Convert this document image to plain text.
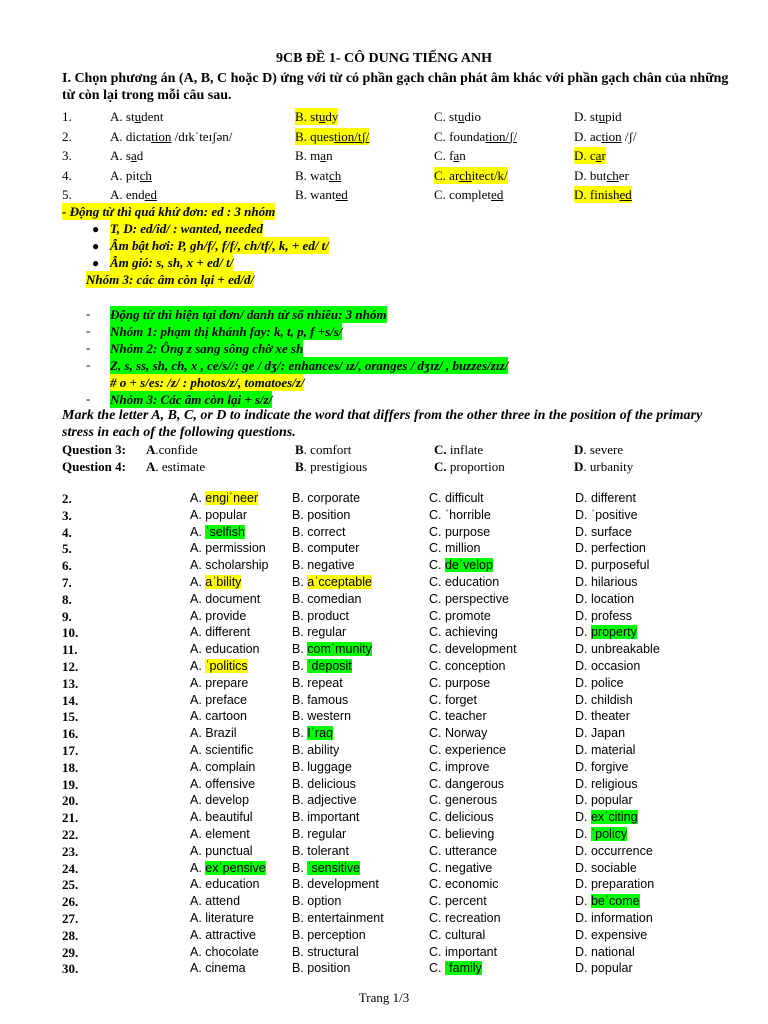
9CB ĐỀ 1- CÔ DUNG TIẾNG ANH
I. Chọn phương án (A, B, C hoặc D) ứng với từ có phần gạch chân phát âm khác với phần gạch chân của những từ còn lại trong mỗi câu sau.
1.	A. student	B. study	C. studio	D. stupid
2.	A. dictation /dɪkˈteɪʃən/	B. question/tʃ/	C. foundation/ʃ/	D. action /ʃ/
3.	A. sad	B. man	C. fan	D. car
4.	A. pitch	B. watch	C. architect/k/	D. butcher
5.	A. ended	B. wanted	C. completed	D. finished
- Động từ thì quá khứ đơn: ed : 3 nhóm
● T, D: ed/id/ : wanted, needed
● Âm bật hơi: P, gh/f/, f/f/, ch/tf/, k, + ed/ t/
● Âm gió: s, sh, x + ed/ t/
Nhóm 3: các âm còn lại + ed/d/
- Động từ thì hiện tại đơn/ danh từ số nhiều: 3 nhóm
- Nhóm 1: phạm thị khánh fay: k, t, p, f +s/s/
- Nhóm 2: Ông z sang sông chờ xe sh
- Z, s, ss, sh, ch, x , ce/s//: ge / dʒ/: enhances/ ɪz/, oranges / dʒɪz/ , buzzes/zɪz/
# o + s/es: /z/ : photos/z/, tomatoes/z/
- Nhóm 3: Các âm còn lại + s/z/
Mark the letter A, B, C, or D to indicate the word that differs from the other three in the position of the primary stress in each of the following questions.
Question 3: A.confide	B. comfort	C. inflate	D. severe
Question 4: A. estimate	B. prestigious	C. proportion	D. urbanity
2.	A. engiˈneer	B. corporate	C. difficult	D. different
3.	A. popular	B. position	C. ˈhorrible	D. ˈpositive
4.	A. ˈselfish	B. correct	C. purpose	D. surface
5.	A. permission B. computer	C. million	D. perfection
6.	A. scholarship B. negative	C. deˈvelop	D. purposeful
7.	A. aˈbility	B. aˈcceptable	C. education	D. hilarious
8.	A. document	B. comedian	C. perspective	D. location
9.	A. provide	B. product	C. promote	D. profess
10.	A. different	B. regular	C. achieving	D. property
11.	A. education	B. comˈmunity	C. development	D. unbreakable
12.	A. ˈpolitics	B. ˈdeposit	C. conception	D. occasion
13.	A. prepare	B. repeat	C. purpose	D. police
14.	A. preface	B. famous	C. forget	D. childish
15.	A. cartoon	B. western	C. teacher	D. theater
16.	A. Brazil	B. Iˈraq	C. Norway	D. Japan
17.	A. scientific	B. ability	C. experience	D. material
18.	A. complain	B. luggage	C. improve	D. forgive
19.	A. offensive	B. delicious	C. dangerous	D. religious
20.	A. develop	B. adjective	C. generous	D. popular
21.	A. beautiful	B. important	C. delicious	D. exˈciting
22.	A. element	B. regular	C. believing	D. ˈpolicy
23.	A. punctual	B. tolerant	C. utterance	D. occurrence
24.	A. exˈpensive B. ˈsensitive	C. negative	D. sociable
25.	A. education	B. development	C. economic	D. preparation
26.	A. attend	B. option	C. percent	D. beˈcome
27.	A. literature	B. entertainment	C. recreation	D. information
28.	A. attractive	B. perception	C. cultural	D. expensive
29.	A. chocolate	B. structural	C. important	D. national
30.	A. cinema	B. position	C. ˈfamily	D. popular
Trang 1/3
